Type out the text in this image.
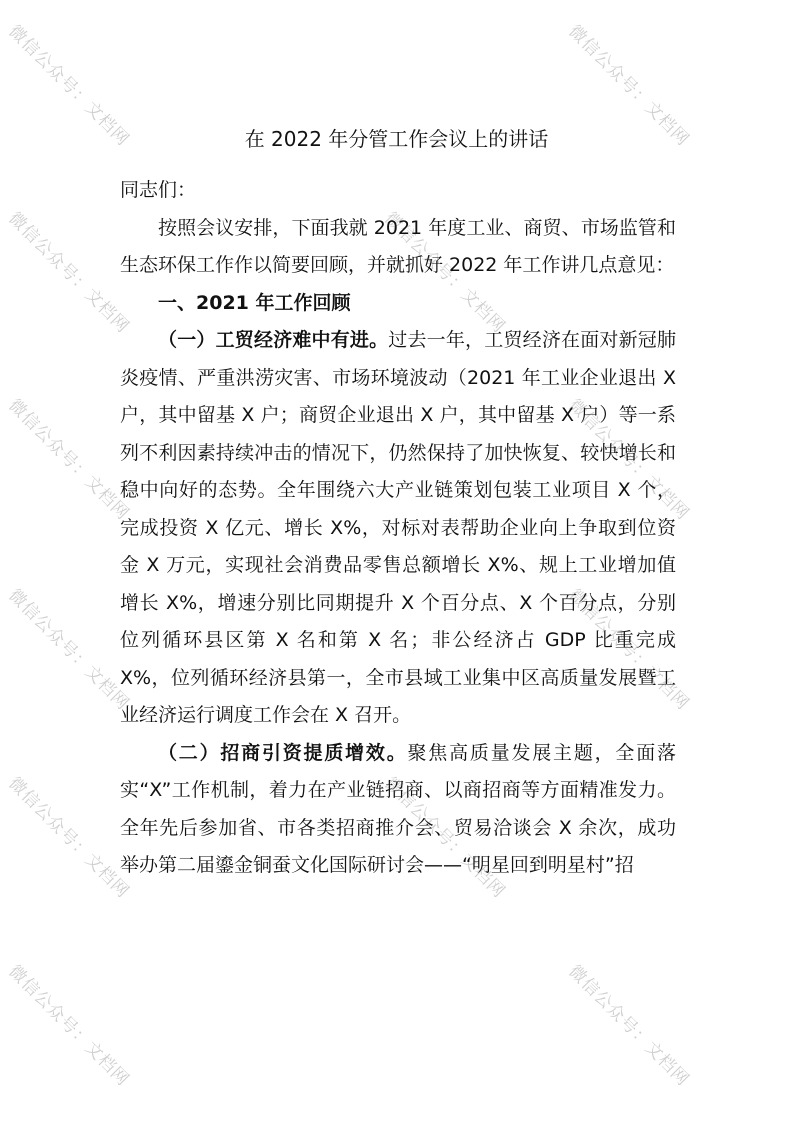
微信公众号：文档网	微信公众号：文档网
微信公众号：文档网	微信公众号：文档网
微信公众号：文档网	微信公众号：文档网
微信公众号：文档网	微信公众号：文档网
微信公众号：文档网	微信公众号：文档网
微信公众号：文档网	微信公众号：文档网
在 2022 年分管工作会议上的讲话

同志们：

按照会议安排，下面我就 2021 年度工业、商贸、市场监管和生态环保工作作以简要回顾，并就抓好 2022 年工作讲几点意见：

一、2021 年工作回顾

（一）工贸经济难中有进。过去一年，工贸经济在面对新冠肺炎疫情、严重洪涝灾害、市场环境波动（2021 年工业企业退出 X 户，其中留基 X 户；商贸企业退出 X 户，其中留基 X 户）等一系列不利因素持续冲击的情况下，仍然保持了加快恢复、较快增长和稳中向好的态势。全年围绕六大产业链策划包装工业项目 X 个，完成投资 X 亿元、增长 X%，对标对表帮助企业向上争取到位资金 X 万元，实现社会消费品零售总额增长 X%、规上工业增加值增长 X%，增速分别比同期提升 X 个百分点、X 个百分点，分别位列循环县区第 X 名和第 X 名；非公经济占 GDP 比重完成 X%，位列循环经济县第一，全市县域工业集中区高质量发展暨工业经济运行调度工作会在 X 召开。

（二）招商引资提质增效。聚焦高质量发展主题，全面落实“X”工作机制，着力在产业链招商、以商招商等方面精准发力。全年先后参加省、市各类招商推介会、贸易洽谈会 X 余次，成功举办第二届鎏金铜蚕文化国际研讨会——“明星回到明星村”招
